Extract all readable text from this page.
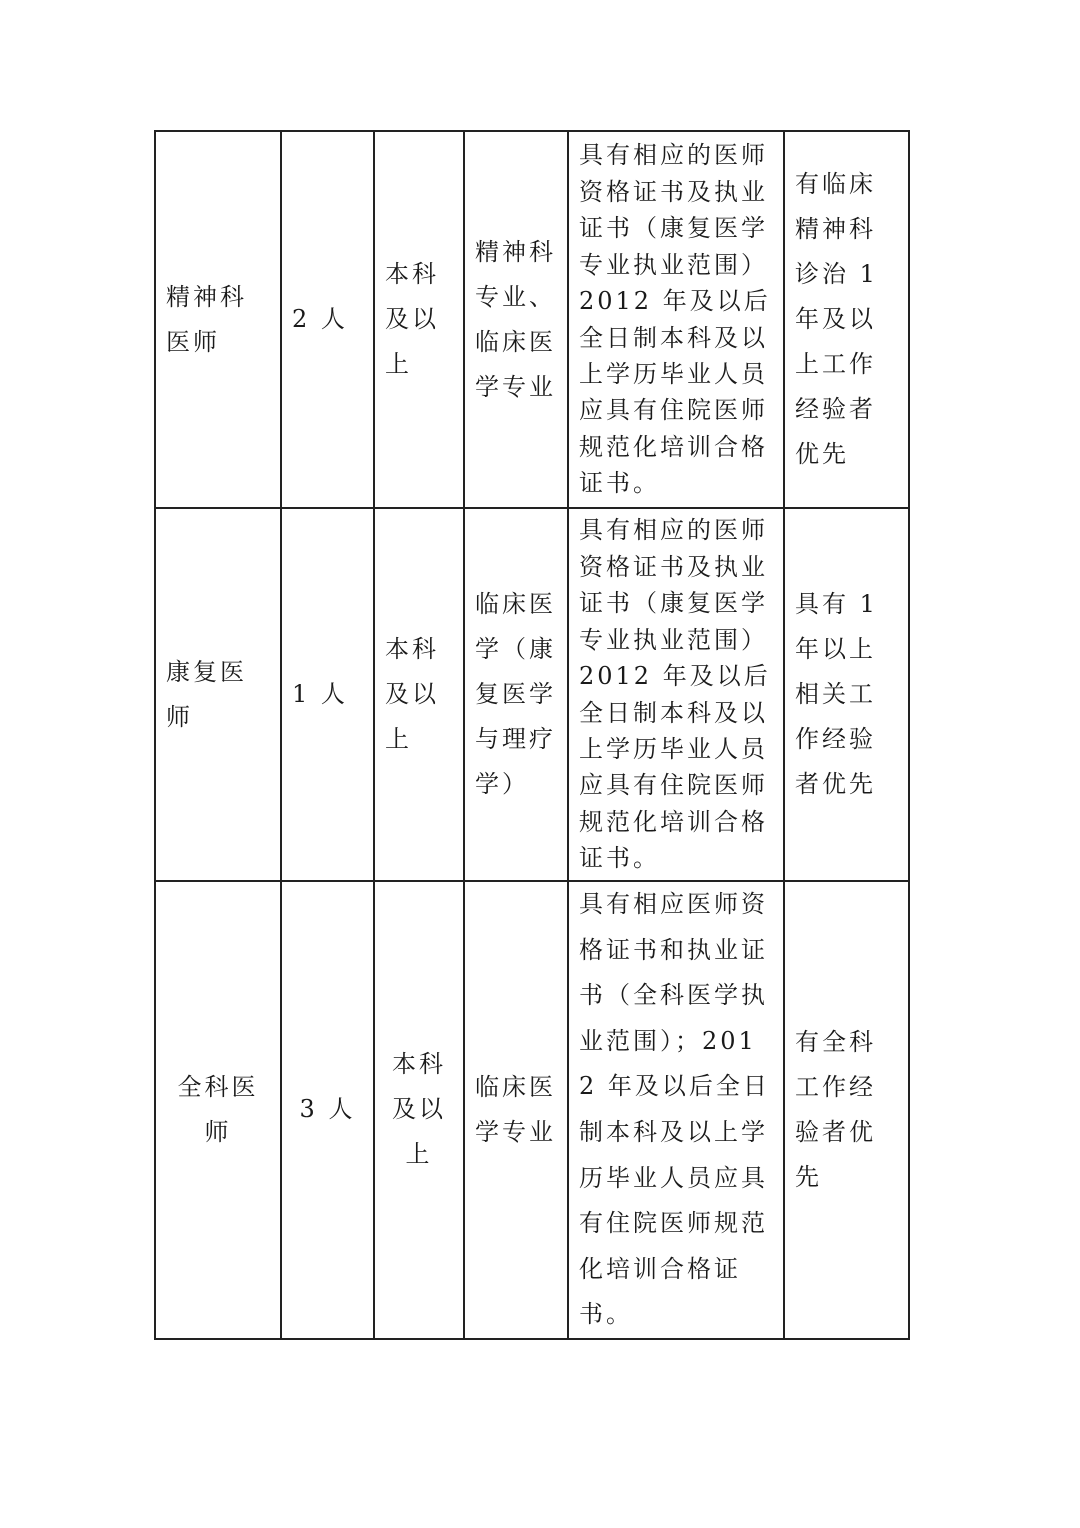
精神科医师	2 人	本科及以上	精神科专业、临床医学专业	具有相应的医师资格证书及执业证书（康复医学专业执业范围）2012 年及以后全日制本科及以上学历毕业人员应具有住院医师规范化培训合格证书。	有临床精神科诊治 1 年及以上工作经验者优先
康复医师	1 人	本科及以上	临床医学（康复医学与理疗学）	具有相应的医师资格证书及执业证书（康复医学专业执业范围）2012 年及以后全日制本科及以上学历毕业人员应具有住院医师规范化培训合格证书。	具有 1 年以上相关工作经验者优先
全科医师	3 人	本科及以上	临床医学专业	具有相应医师资格证书和执业证书（全科医学执业范围）；2012 年及以后全日制本科及以上学历毕业人员应具有住院医师规范化培训合格证书。	有全科工作经验者优先
